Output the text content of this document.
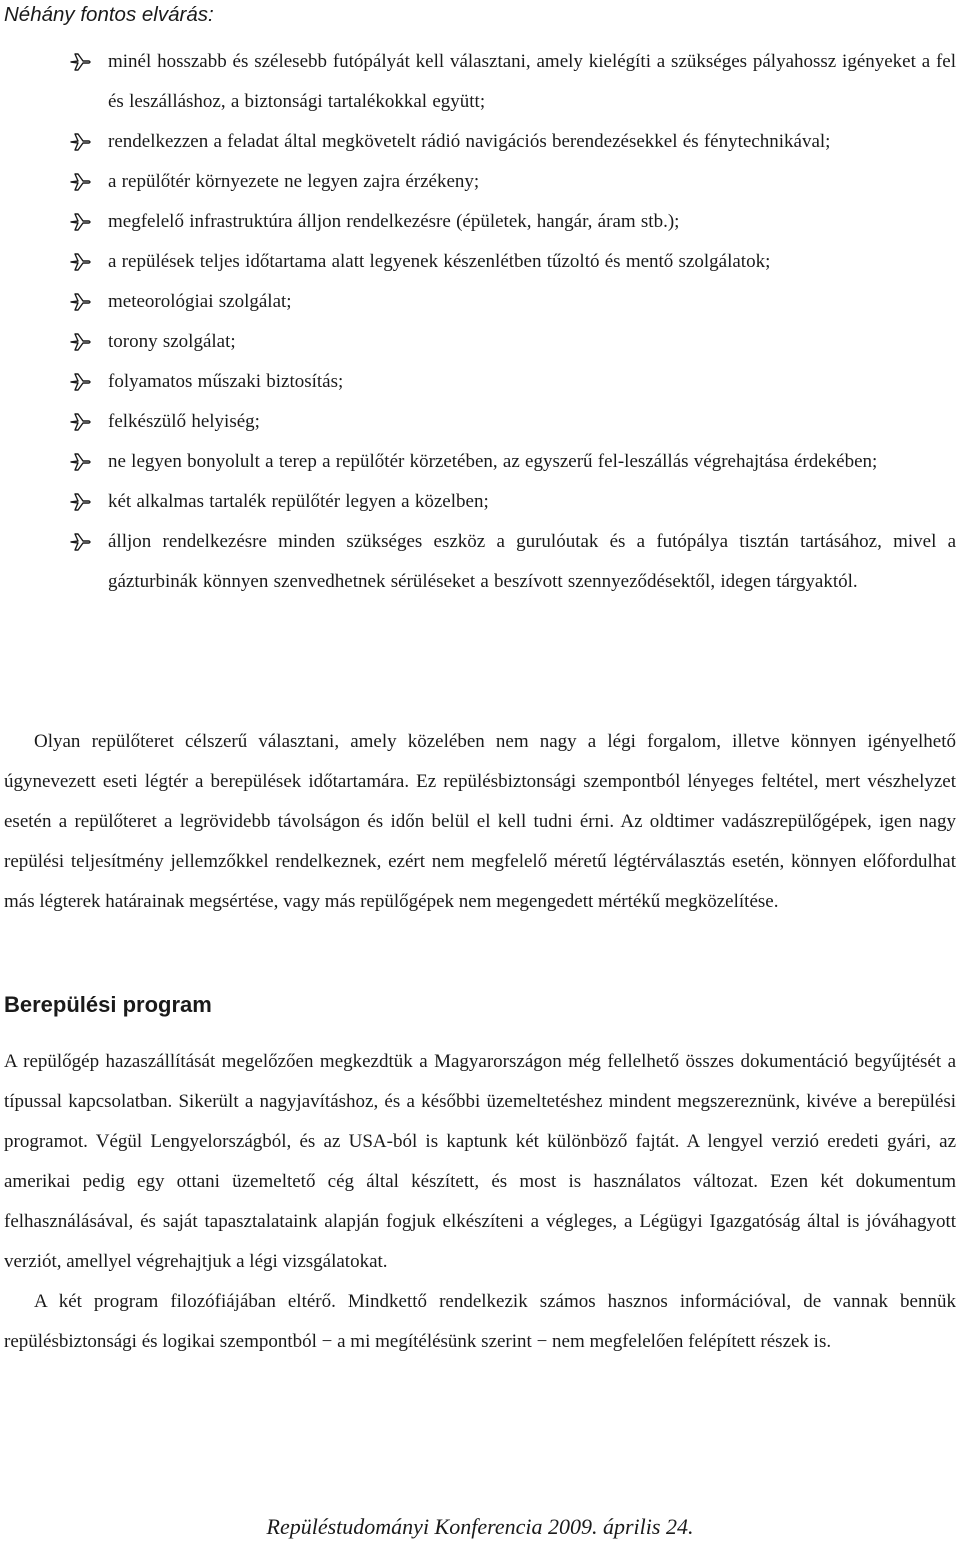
Néhány fontos elvárás:
minél hosszabb és szélesebb futópályát kell választani, amely kielégíti a szükséges pályahossz igényeket a fel és leszálláshoz, a biztonsági tartalékokkal együtt;
rendelkezzen a feladat által megkövetelt rádió navigációs berendezésekkel és fénytechnikával;
a repülőtér környezete ne legyen zajra érzékeny;
megfelelő infrastruktúra álljon rendelkezésre (épületek, hangár, áram stb.);
a repülések teljes időtartama alatt legyenek készenlétben tűzoltó és mentő szolgálatok;
meteorológiai szolgálat;
torony szolgálat;
folyamatos műszaki biztosítás;
felkészülő helyiség;
ne legyen bonyolult a terep a repülőtér körzetében, az egyszerű fel-leszállás végrehajtása érdekében;
két alkalmas tartalék repülőtér legyen a közelben;
álljon rendelkezésre minden szükséges eszköz a gurulóutak és a futópálya tisztán tartásához, mivel a gázturbinák könnyen szenvedhetnek sérüléseket a beszívott szennyeződésektől, idegen tárgyaktól.

Olyan repülőteret célszerű választani, amely közelében nem nagy a légi forgalom, illetve könnyen igényelhető úgynevezett eseti légtér a berepülések időtartamára. Ez repülésbiztonsági szempontból lényeges feltétel, mert vészhelyzet esetén a repülőteret a legrövidebb távolságon és időn belül el kell tudni érni. Az oldtimer vadászrepülőgépek, igen nagy repülési teljesítmény jellemzőkkel rendelkeznek, ezért nem megfelelő méretű légtérválasztás esetén, könnyen előfordulhat más légterek határainak megsértése, vagy más repülőgépek nem megengedett mértékű megközelítése.

Berepülési program

A repülőgép hazaszállítását megelőzően megkezdtük a Magyarországon még fellelhető összes dokumentáció begyűjtését a típussal kapcsolatban. Sikerült a nagyjavításhoz, és a későbbi üzemeltetéshez mindent megszereznünk, kivéve a berepülési programot. Végül Lengyelországból, és az USA-ból is kaptunk két különböző fajtát. A lengyel verzió eredeti gyári, az amerikai pedig egy ottani üzemeltető cég által készített, és most is használatos változat. Ezen két dokumentum felhasználásával, és saját tapasztalataink alapján fogjuk elkészíteni a végleges, a Légügyi Igazgatóság által is jóváhagyott verziót, amellyel végrehajtjuk a légi vizsgálatokat.

A két program filozófiájában eltérő. Mindkettő rendelkezik számos hasznos információval, de vannak bennük repülésbiztonsági és logikai szempontból − a mi megítélésünk szerint − nem megfelelően felépített részek is.

Repüléstudományi Konferencia 2009. április 24.
